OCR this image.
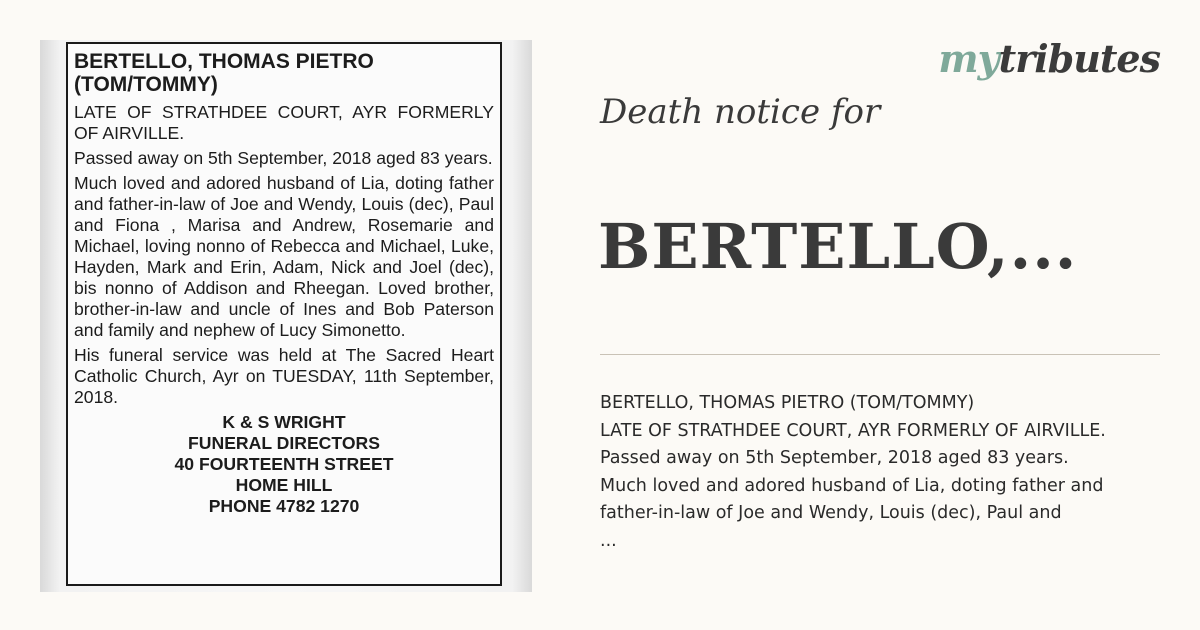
BERTELLO, THOMAS PIETRO (TOM/TOMMY)

LATE OF STRATHDEE COURT, AYR FORMERLY OF AIRVILLE.

Passed away on 5th September, 2018 aged 83 years.

Much loved and adored husband of Lia, doting father and father-in-law of Joe and Wendy, Louis (dec), Paul and Fiona , Marisa and Andrew, Rosemarie and Michael, loving nonno of Rebecca and Michael, Luke, Hayden, Mark and Erin, Adam, Nick and Joel (dec), bis nonno of Addison and Rheegan. Loved brother, brother-in-law and uncle of Ines and Bob Paterson and family and nephew of Lucy Simonetto.

His funeral service was held at The Sacred Heart Catholic Church, Ayr on TUESDAY, 11th September, 2018.

K & S WRIGHT
FUNERAL DIRECTORS
40 FOURTEENTH STREET
HOME HILL
PHONE 4782 1270
mytributes
Death notice for
BERTELLO,...
BERTELLO, THOMAS PIETRO (TOM/TOMMY)
LATE OF STRATHDEE COURT, AYR FORMERLY OF AIRVILLE.
Passed away on 5th September, 2018 aged 83 years.
Much loved and adored husband of Lia, doting father and
father-in-law of Joe and Wendy, Louis (dec), Paul and
...
